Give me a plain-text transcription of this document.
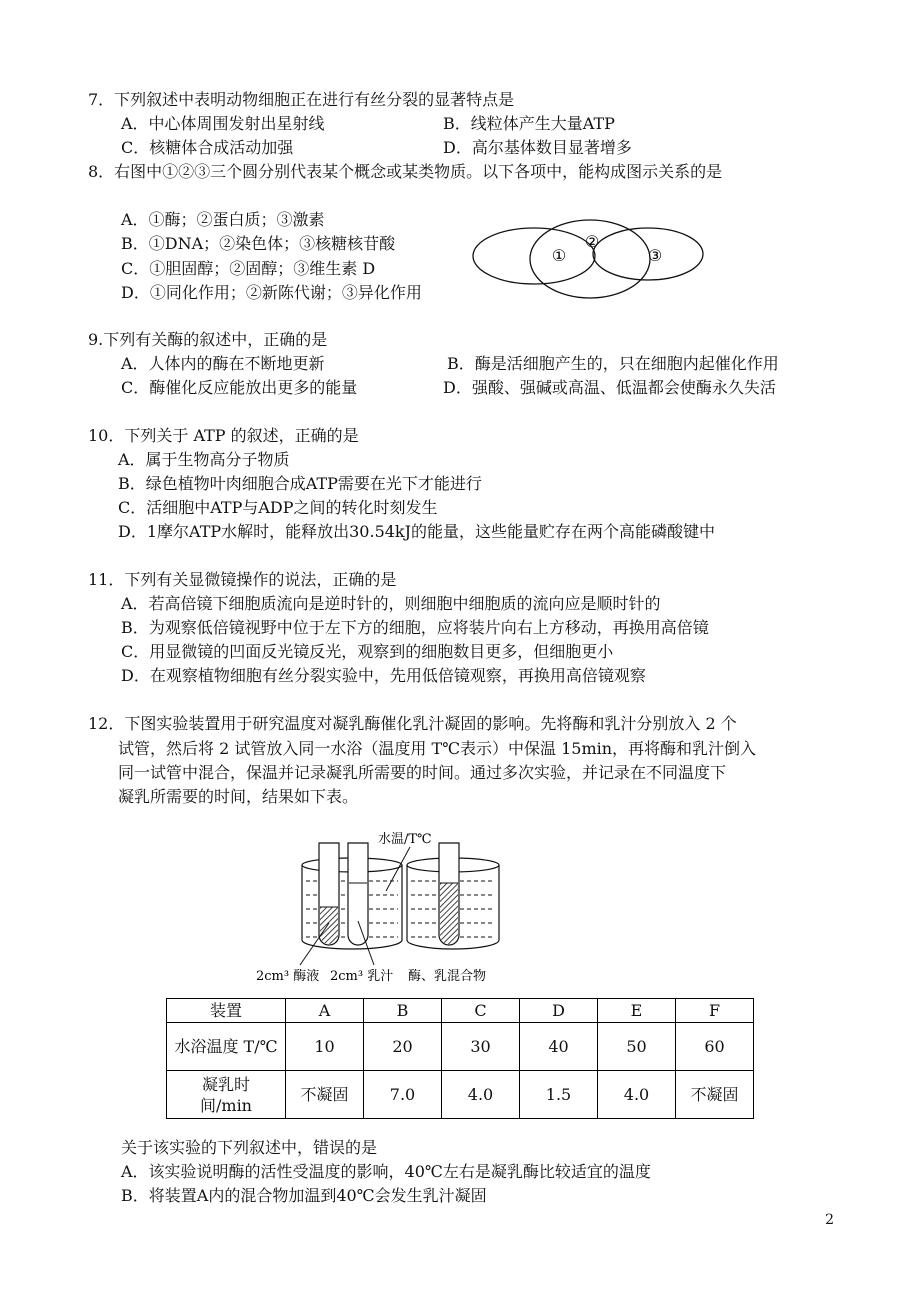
7．下列叙述中表明动物细胞正在进行有丝分裂的显著特点是
A．中心体周围发射出星射线	B．线粒体产生大量ATP
C．核糖体合成活动加强	D．高尔基体数目显著增多
8．右图中①②③三个圆分别代表某个概念或某类物质。以下各项中，能构成图示关系的是
A．①酶；②蛋白质；③激素
B．①DNA；②染色体；③核糖核苷酸
C．①胆固醇；②固醇；③维生素 D
D．①同化作用；②新陈代谢；③异化作用
①
②
③
9.下列有关酶的叙述中，正确的是
A．人体内的酶在不断地更新	B．酶是活细胞产生的，只在细胞内起催化作用
C．酶催化反应能放出更多的能量	D．强酸、强碱或高温、低温都会使酶永久失活
10．下列关于 ATP 的叙述，正确的是
A．属于生物高分子物质
B．绿色植物叶肉细胞合成ATP需要在光下才能进行
C．活细胞中ATP与ADP之间的转化时刻发生
D．1摩尔ATP水解时，能释放出30.54kJ的能量，这些能量贮存在两个高能磷酸键中
11．下列有关显微镜操作的说法，正确的是
A．若高倍镜下细胞质流向是逆时针的，则细胞中细胞质的流向应是顺时针的
B．为观察低倍镜视野中位于左下方的细胞，应将装片向右上方移动，再换用高倍镜
C．用显微镜的凹面反光镜反光，观察到的细胞数目更多，但细胞更小
D．在观察植物细胞有丝分裂实验中，先用低倍镜观察，再换用高倍镜观察
12．下图实验装置用于研究温度对凝乳酶催化乳汁凝固的影响。先将酶和乳汁分别放入 2 个
试管，然后将 2 试管放入同一水浴（温度用 T℃表示）中保温 15min，再将酶和乳汁倒入
同一试管中混合，保温并记录凝乳所需要的时间。通过多次实验，并记录在不同温度下
凝乳所需要的时间，结果如下表。
水温/T℃
2cm³ 酶液 2cm³ 乳汁 酶、乳混合物
装置	A	B	C	D	E	F
水浴温度 T/℃	10	20	30	40	50	60
凝乳时间/min	不凝固	7.0	4.0	1.5	4.0	不凝固
关于该实验的下列叙述中，错误的是
A．该实验说明酶的活性受温度的影响，40℃左右是凝乳酶比较适宜的温度
B．将装置A内的混合物加温到40℃会发生乳汁凝固
2
